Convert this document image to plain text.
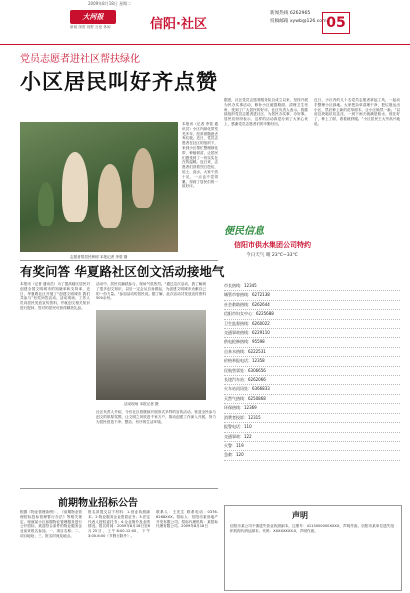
2009年8月18日 星期二
大河报
新闻 深度 视野 言论 休闲	信阳·社区
新闻热线 6262965
投稿邮箱 xywb@126.com 05
党员志愿者进社区帮扶绿化
小区居民叫好齐点赞
志愿者帮居民种树 本报记者 李曾 摄
本报讯（记者 李曾 通讯员）小区内绿化带荒芜多年，经常被随意丢弃垃圾。近日，党员志愿者在社区的组织下，来到小区帮忙整理绿化带、种植树苗，让居民们感受到了一份实实在在的温暖。连日来，志愿者们顶着烈日挖坑、培土、浇水，大家干劲十足，一点也不觉得累，得到了居民们的一致好评。
据悉，社区党员志愿者服务队自成立以来，坚持开展为民办实事活动，修补小区破损路面，清理卫生死角，受到了广大居民的好评。社区负责人表示，将继续组织党员志愿者进社区，为居民办实事、办好事。居民们纷纷表示，这样的活动真是办到了大家心坎上，感谢党员志愿者们的辛勤付出。
近日，小区内的几十名党员志愿者拿起工具，一起动手整理小区绿地。大家把杂草清理干净，把垃圾运出小区，然后种上新的花草树木，让小区焕然一新。“以前这块地坑坑洼洼，一到下雨天就满是积水，现在好了，种上了树，看着就舒服。”小区居民王大爷高兴地说。
便民信息
信阳市供水集团公司特约
今日天气 晴 23℃~33℃
市长热线：12345
城管市容热线：6272138
社会救助热线：6262644
信阳市妇女中心：6225688
卫生监督热线：6260022
交通事故热线：6229110
供电抢修热线：95598
自来水热线：6222531
价格举报电话：12358
民航售票处：6306656
长途汽车站：6262066
火车站问讯处：6366833
天然气热线：6250868
环保热线：12369
消费者投诉：12315
报警电话：110
交通事故：122
火警：119
急救：120
有奖问答 华夏路社区创文活动接地气
本报讯（记者 通讯员）为了提高辖区居民对创建全国文明城市的知晓率和支持率，近日，华夏路社区开展了“创建文明城市 我们共参与”有奖问答活动。活动现场，工作人员向居民发放宣传资料，并就创文相关知识进行提问，答对的居民可获得精美礼品。
活动中，居民们踊跃参与，现场气氛热烈。“通过这次活动，我了解到了很多创文知识，以后一定会从自身做起，为创建文明城市贡献自己的一份力量。”参加活动的居民说。据了解，此次活动共发放宣传资料500余份。
活动现场 本报记者 摄
社区负责人介绍，今后社区将继续开展形式多样的宣传活动，营造全民参与创文的浓厚氛围，让文明之风吹进千家万户，推动创建工作深入开展，努力为居民营造干净、整洁、有序的生活环境。
前期物业招标公告
根据《物业管理条例》、《前期物业管理招标投标管理暂行办法》等相关规定，现就某小区前期物业管理服务进行公开招标，欢迎符合条件的物业服务企业前来报名参加。一、项目名称；二、项目地址；三、报名时间及地点。
报名须提交以下材料：1.营业执照副本；2.物业服务企业资质证书；3.法定代表人授权委托书；4.企业简介及业绩情况。报名时间：2009年8月18日至8月25日，上午8:00-12:00，下午3:00-6:00（节假日除外）。
联系人：王先生 联系电话：0376-6268XXX。招标人：信阳市某房地产开发有限公司。招标代理机构：某招标代理有限公司。2009年8月18日
声明
信阳市某公司不慎遗失营业执照副本，注册号：4115000000XXXX，声明作废。信阳市某单位遗失组织机构代码证副本，代码：XXXXXXXX-X，声明作废。
